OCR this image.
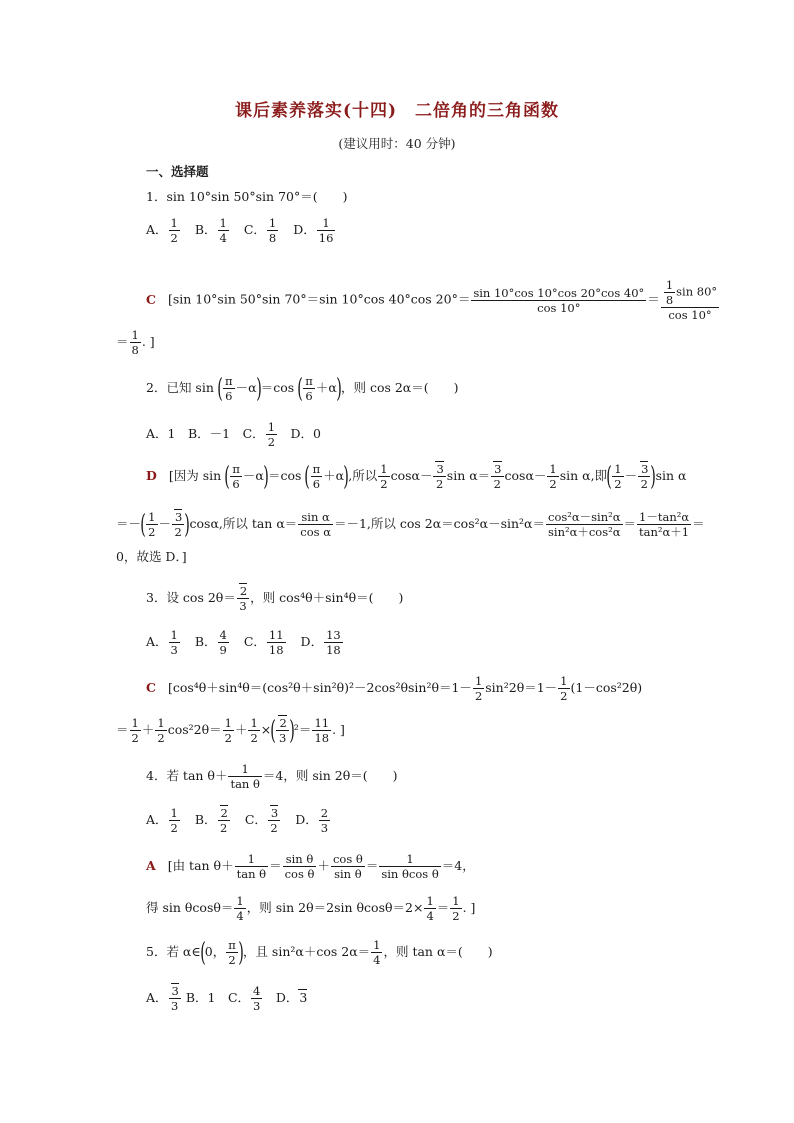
课后素养落实(十四)　二倍角的三角函数
(建议用时：40 分钟)
一、选择题
1．sin 10°sin 50°sin 70°＝(　　)
A． $\frac{1}{2}$ B． $\frac{1}{4}$ C． $\frac{1}{8}$ D． $\frac{1}{16}$
C [sin 10°sin 50°sin 70°＝sin 10°cos 40°cos $20^\circ= \frac{\sin 10^\circ\cos 10^\circ\cos 20^\circ\cos 40^\circ}{\cos 10^\circ} = \frac{\frac{1}{8} \sin 80^\circ}{\cos 10^\circ}$
＝ $\frac{1}{8}$ . ]
2．已知 sin ( $\frac{\pi}{6} -\alpha)=\cos$ ( $\frac{\pi}{6} +\alpha$)，则 cos 2α＝(　　)
A．1　B．－1　C． $\frac{1}{2}$ 　D．0
D [因为 sin ( $\frac{\pi}{6} -\alpha)=\cos$ ( $\frac{\pi}{6} +\alpha$),所以 $\frac{1}{2} \cos\alpha- \frac{3}{2}$ $\sin \alpha= \frac{3}{2} \cos\alpha- \frac{1}{2}$ sin α,即( $\frac{1}{2} - \frac{3}{2} )\sin$ α
＝－( $\frac{1}{2} - \frac{3}{2} )\cos\alpha$,所以 $\tan \alpha= \frac{\text{sin α}}{\text{cos α}} =-1$,所以 $\cos 2\alpha=\cos^2\alpha-\sin^2\alpha= \frac{\text{cos²α－sin²α}}{\text{sin²α＋cos²α}} = \frac{\text{1－tan²α}}{\text{tan²α＋1}}$ ＝
0，故选 D．]
3．设 $\cos 2\theta= \frac{2}{3}$ ，则 cos⁴θ＋sin⁴θ＝(　　)
A． $\frac{1}{3}$ B． $\frac{4}{9}$ C． $\frac{11}{18}$ D． $\frac{13}{18}$
C [$\cos^4\theta+\sin^4\theta=(\cos^2\theta+\sin^2\theta)^2-2\cos^2\theta\sin^2\theta=1- \frac{1}{2} \sin^22\theta=1- \frac{1}{2} (1-\cos^22\theta)$
＝ $\frac{1}{2} + \frac{1}{2} \cos^22\theta= \frac{1}{2} + \frac{1}{2}$ ×( $\frac{2}{3} )^2= \frac{11}{18}$ . ]
4．若 $\tan \theta+ \frac{1}{\text{tan θ}} =4$，则 sin 2θ＝(　　)
A． $\frac{1}{2}$ B． $\frac{2}{2}$ C． $\frac{3}{2}$ D． $\frac{2}{3}$
A [由 $\tan \theta+ \frac{1}{\text{tan θ}} = \frac{\text{sin θ}}{\text{cos θ}} + \frac{\text{cos θ}}{\text{sin θ}} = \frac{1}{\text{sin θcos θ}} =4$，
得 $\sin \theta\cos\theta= \frac{1}{4}$ ，则 sin 2θ＝2sin $\theta\cos\theta=2\times \frac{1}{4} = \frac{1}{2}$ . ]
5．若 α∈(0， $\frac{\pi}{2}$ )，且 sin²α＋cos $2\alpha= \frac{1}{4}$ ，则 tan α＝(　　)
A． $\frac{3}{3}$ B．1　C． $\frac{4}{3}$ 　D．3
